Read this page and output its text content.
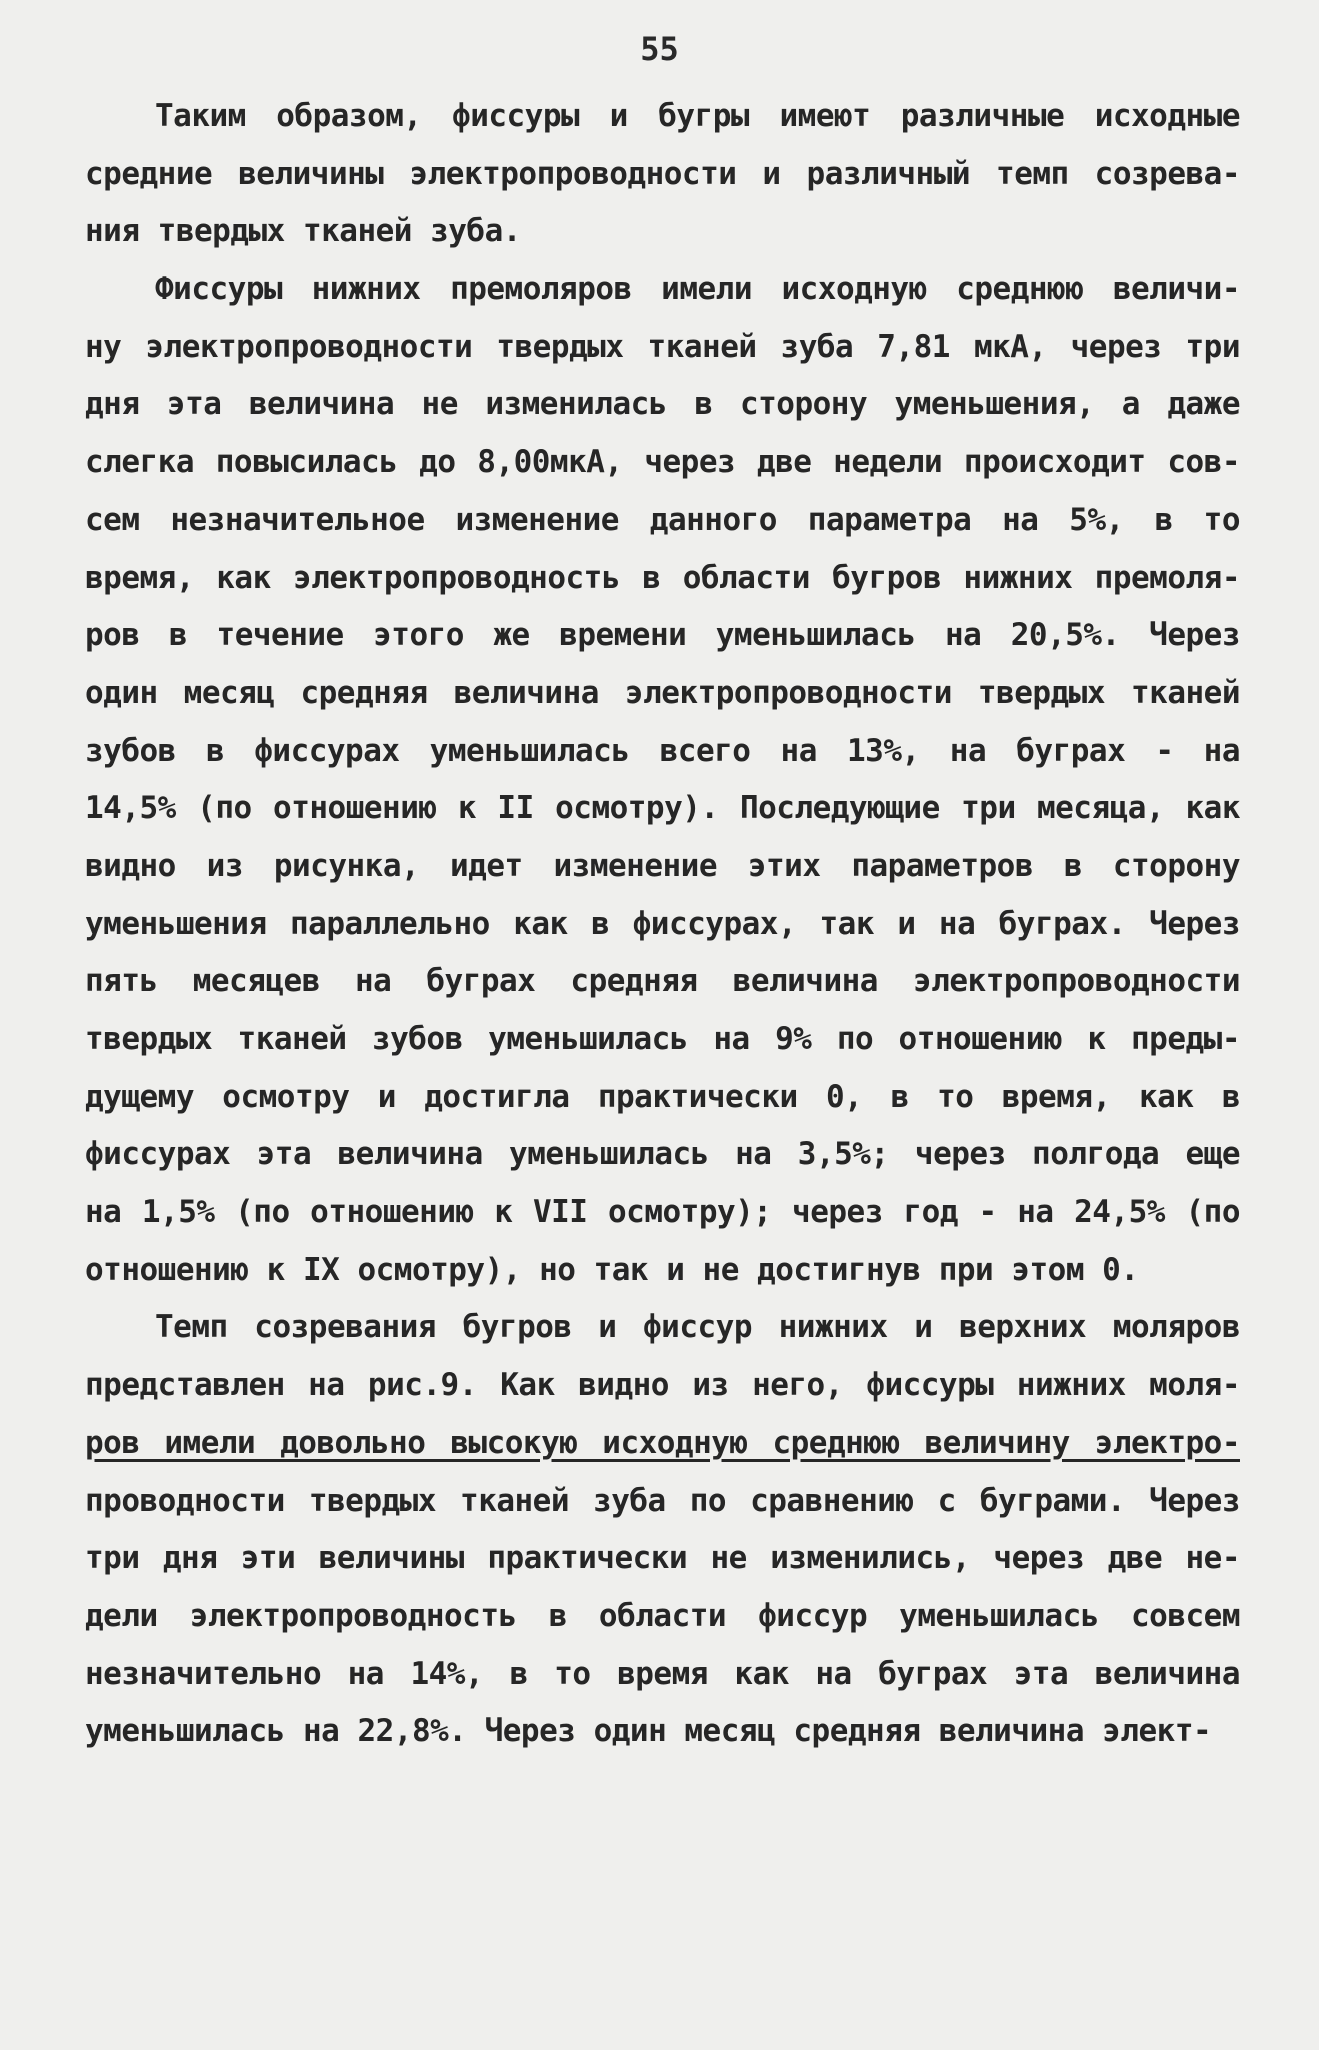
55
Таким образом, фиссуры и бугры имеют различные исходные
средние величины электропроводности и различный темп созрева-
ния твердых тканей зуба.
Фиссуры нижних премоляров имели исходную среднюю величи-
ну электропроводности твердых тканей зуба 7,81 мкА, через три
дня эта величина не изменилась в сторону уменьшения, а даже
слегка повысилась до 8,00мкА, через две недели происходит сов-
сем незначительное изменение данного параметра на 5%, в то
время, как электропроводность в области бугров нижних премоля-
ров в течение этого же времени уменьшилась на 20,5%. Через
один месяц средняя величина электропроводности твердых тканей
зубов в фиссурах уменьшилась всего на 13%, на буграх - на
14,5% (по отношению к II осмотру). Последующие три месяца, как
видно из рисунка, идет изменение этих параметров в сторону
уменьшения параллельно как в фиссурах, так и на буграх. Через
пять месяцев на буграх средняя величина электропроводности
твердых тканей зубов уменьшилась на 9% по отношению к преды-
дущему осмотру и достигла практически 0, в то время, как в
фиссурах эта величина уменьшилась на 3,5%; через полгода еще
на 1,5% (по отношению к VII осмотру); через год - на 24,5% (по
отношению к IX осмотру), но так и не достигнув при этом 0.
Темп созревания бугров и фиссур нижних и верхних моляров
представлен на рис.9. Как видно из него, фиссуры нижних моля-
ров имели довольно высокую исходную среднюю величину электро-
проводности твердых тканей зуба по сравнению с буграми. Через
три дня эти величины практически не изменились, через две не-
дели электропроводность в области фиссур уменьшилась совсем
незначительно на 14%, в то время как на буграх эта величина
уменьшилась на 22,8%. Через один месяц средняя величина элект-
